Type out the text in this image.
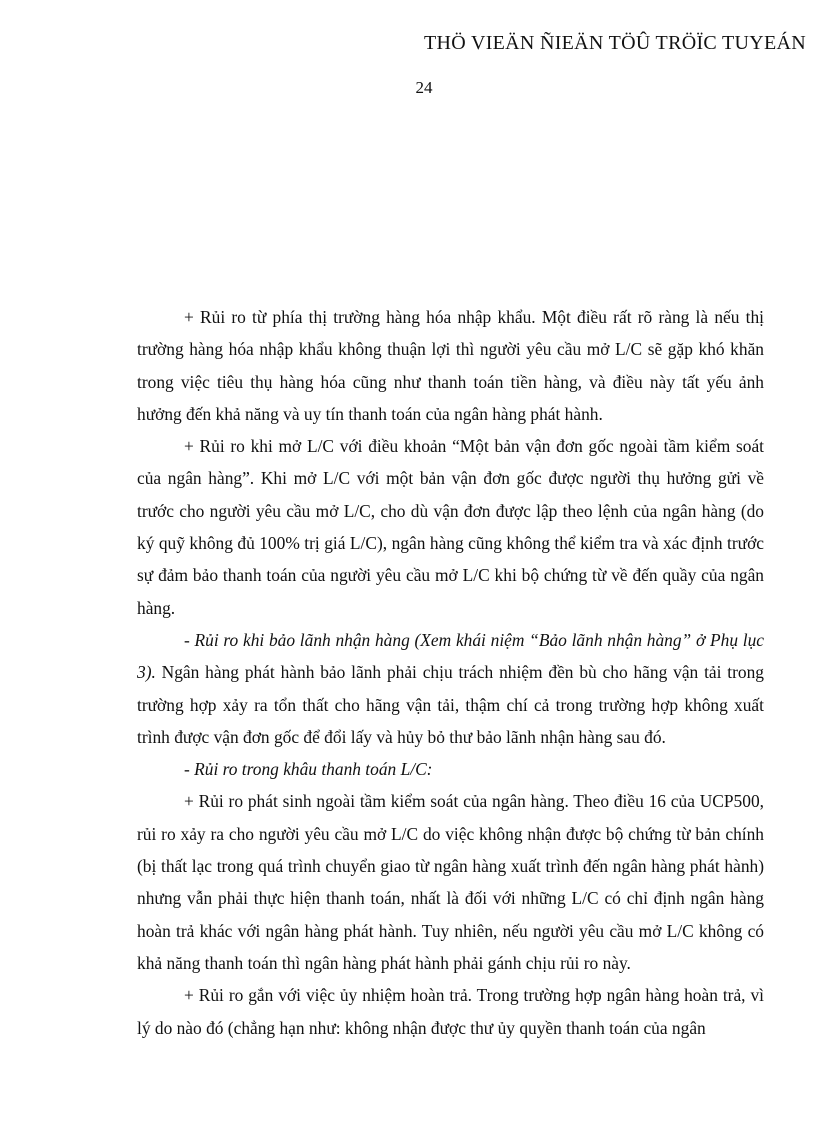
THÖ VIEÄN ÑIEÄN TÖÛ TRÖÏC TUYEÁN
24

+ Rủi ro từ phía thị trường hàng hóa nhập khẩu. Một điều rất rõ ràng là nếu thị trường hàng hóa nhập khẩu không thuận lợi thì người yêu cầu mở L/C sẽ gặp khó khăn trong việc tiêu thụ hàng hóa cũng như thanh toán tiền hàng, và điều này tất yếu ảnh hưởng đến khả năng và uy tín thanh toán của ngân hàng phát hành.

+ Rủi ro khi mở L/C với điều khoản “Một bản vận đơn gốc ngoài tầm kiểm soát của ngân hàng”. Khi mở L/C với một bản vận đơn gốc được người thụ hưởng gửi về trước cho người yêu cầu mở L/C, cho dù vận đơn được lập theo lệnh của ngân hàng (do ký quỹ không đủ 100% trị giá L/C), ngân hàng cũng không thể kiểm tra và xác định trước sự đảm bảo thanh toán của người yêu cầu mở L/C khi bộ chứng từ về đến quầy của ngân hàng.

- Rủi ro khi bảo lãnh nhận hàng (Xem khái niệm “Bảo lãnh nhận hàng” ở Phụ lục 3). Ngân hàng phát hành bảo lãnh phải chịu trách nhiệm đền bù cho hãng vận tải trong trường hợp xảy ra tổn thất cho hãng vận tải, thậm chí cả trong trường hợp không xuất trình được vận đơn gốc để đổi lấy và hủy bỏ thư bảo lãnh nhận hàng sau đó.

- Rủi ro trong khâu thanh toán L/C:

+ Rủi ro phát sinh ngoài tầm kiểm soát của ngân hàng. Theo điều 16 của UCP500, rủi ro xảy ra cho người yêu cầu mở L/C do việc không nhận được bộ chứng từ bản chính (bị thất lạc trong quá trình chuyển giao từ ngân hàng xuất trình đến ngân hàng phát hành) nhưng vẫn phải thực hiện thanh toán, nhất là đối với những L/C có chỉ định ngân hàng hoàn trả khác với ngân hàng phát hành. Tuy nhiên, nếu người yêu cầu mở L/C không có khả năng thanh toán thì ngân hàng phát hành phải gánh chịu rủi ro này.

+ Rủi ro gắn với việc ủy nhiệm hoàn trả. Trong trường hợp ngân hàng hoàn trả, vì lý do nào đó (chẳng hạn như: không nhận được thư ủy quyền thanh toán của ngân
